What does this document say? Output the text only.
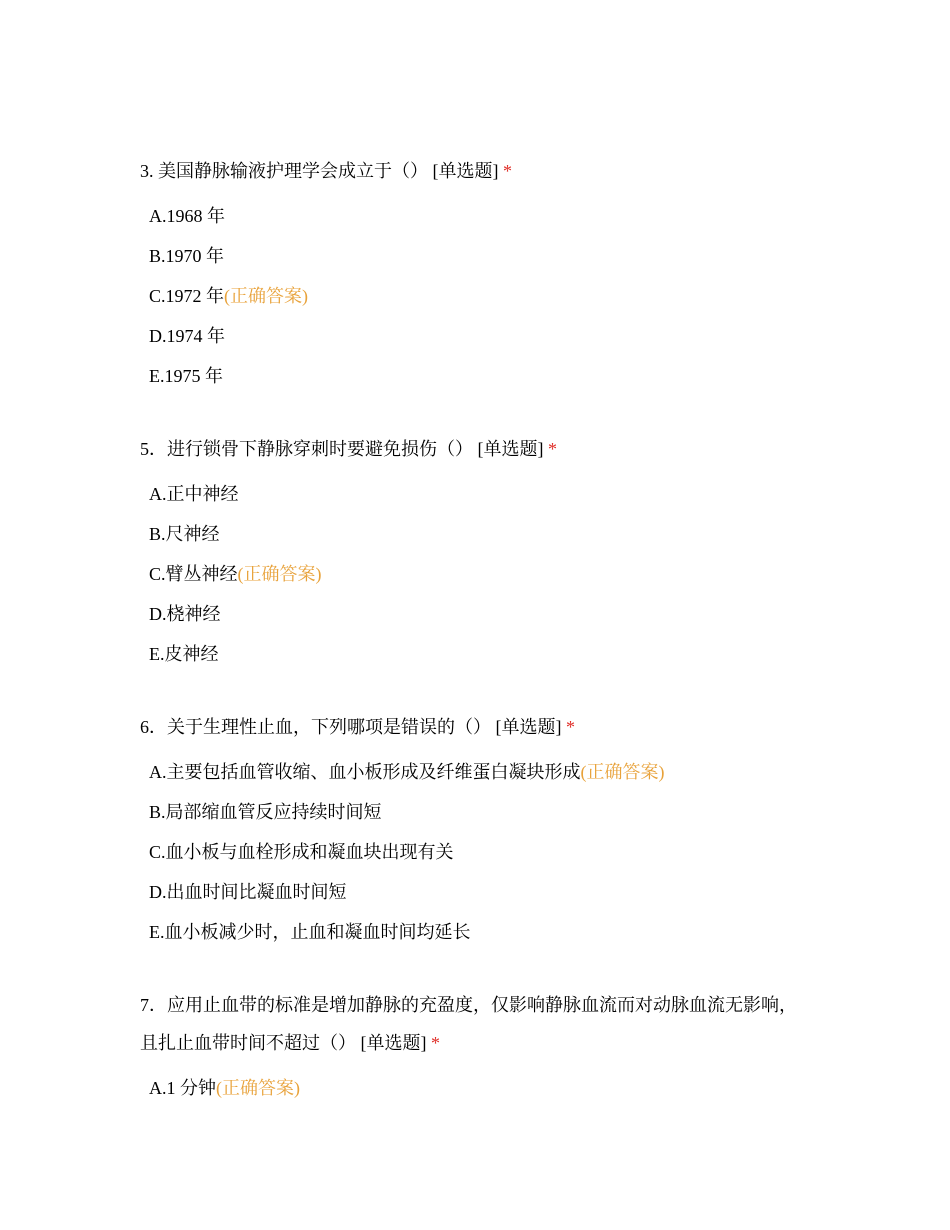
3. 美国静脉输液护理学会成立于（） [单选题] *

A.1968 年
B.1970 年
C.1972 年(正确答案)
D.1974 年
E.1975 年

5．进行锁骨下静脉穿刺时要避免损伤（） [单选题] *

A.正中神经
B.尺神经
C.臂丛神经(正确答案)
D.桡神经
E.皮神经

6．关于生理性止血，下列哪项是错误的（） [单选题] *

A.主要包括血管收缩、血小板形成及纤维蛋白凝块形成(正确答案)
B.局部缩血管反应持续时间短
C.血小板与血栓形成和凝血块出现有关
D.出血时间比凝血时间短
E.血小板减少时，止血和凝血时间均延长

7．应用止血带的标准是增加静脉的充盈度，仅影响静脉血流而对动脉血流无影响，且扎止血带时间不超过（） [单选题] *

A.1 分钟(正确答案)
